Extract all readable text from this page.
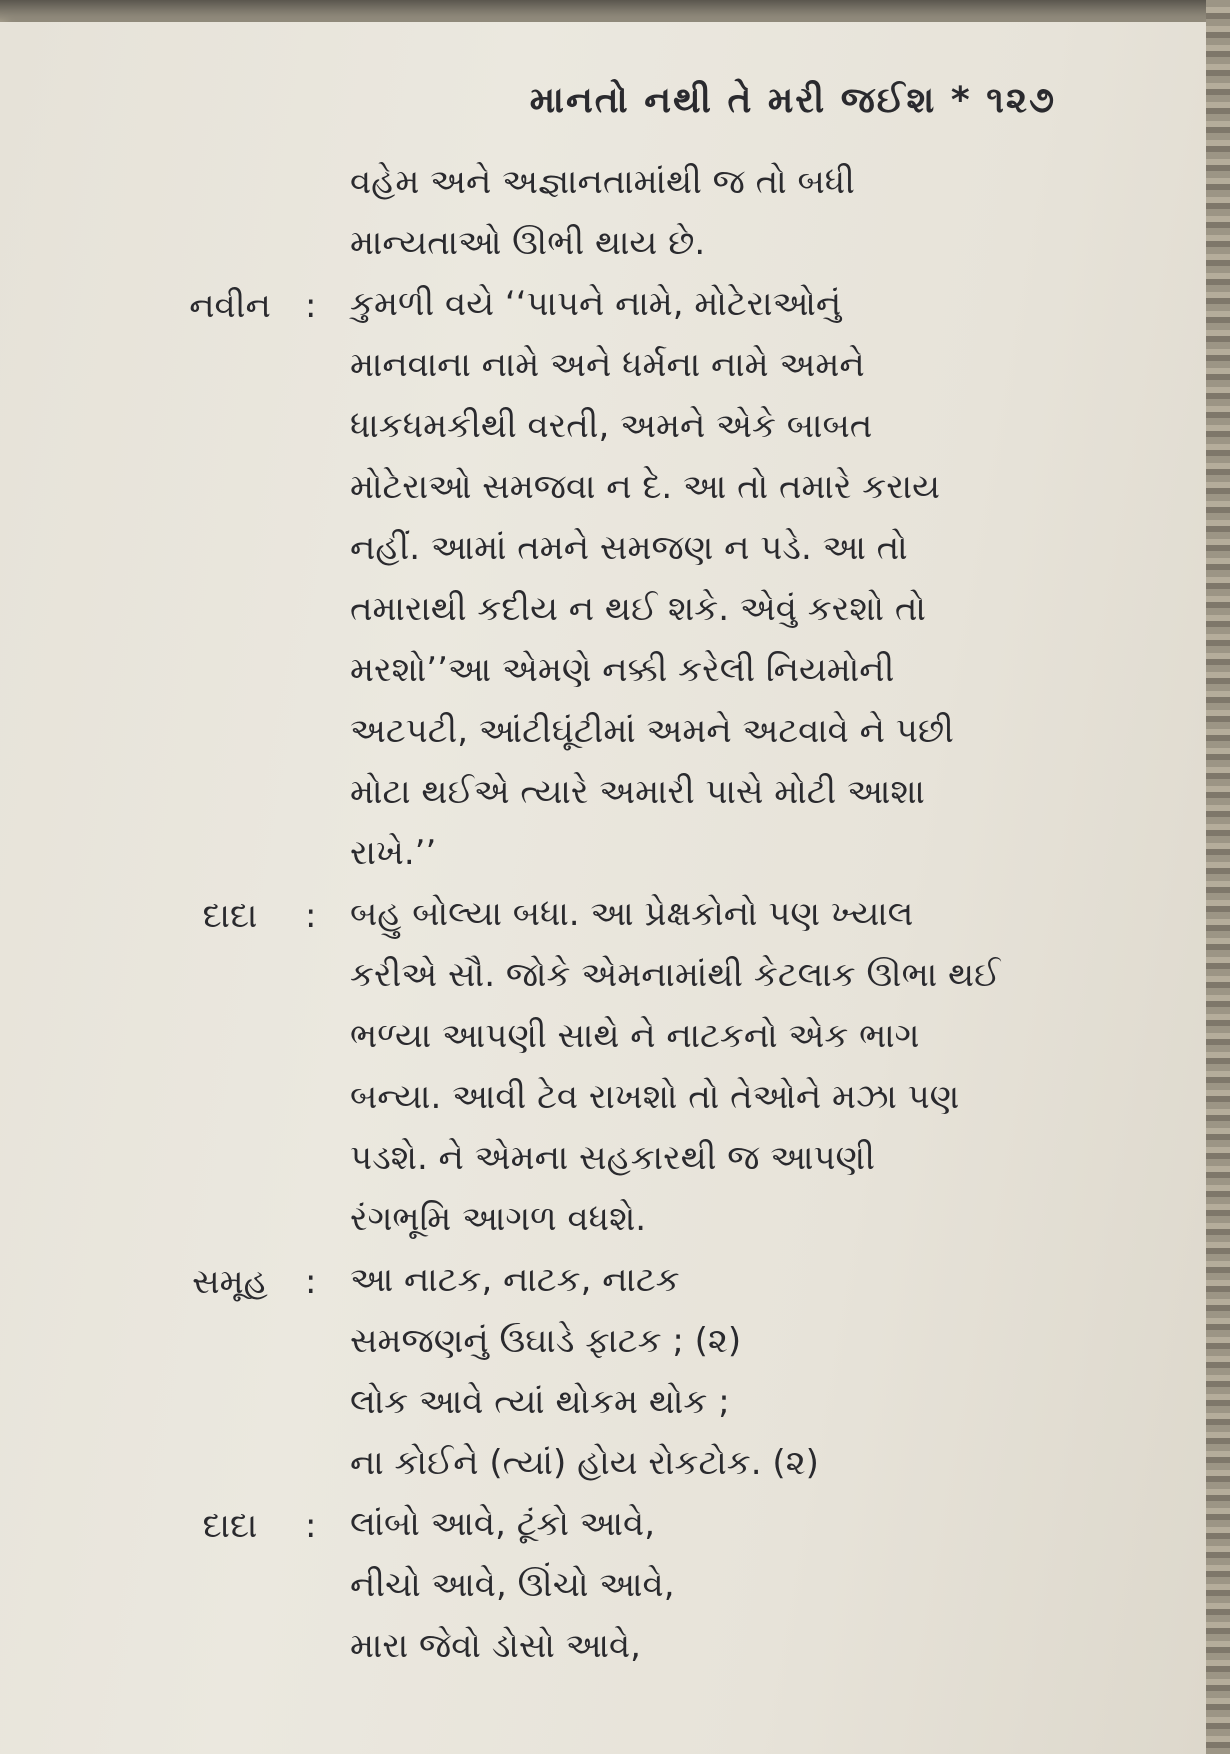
માનતો નથી તે મરી જઈશ * ૧૨૭
વહેમ અને અજ્ઞાનતામાંથી જ તો બધી
માન્યતાઓ ઊભી થાય છે.
નવીન	: કુમળી વયે ‘‘પાપને નામે, મોટેરાઓનું
માનવાના નામે અને ધર્મના નામે અમને
ધાકધમકીથી વરતી, અમને એકે બાબત
મોટેરાઓ સમજવા ન દે. આ તો તમારે કરાય
નહીં. આમાં તમને સમજણ ન પડે. આ તો
તમારાથી કદીય ન થઈ શકે. એવું કરશો તો
મરશો’’આ એમણે નક્કી કરેલી નિયમોની
અટપટી, આંટીઘૂંટીમાં અમને અટવાવે ને પછી
મોટા થઈએ ત્યારે અમારી પાસે મોટી આશા
રાખે.’’
દાદા	: બહુ બોલ્યા બધા. આ પ્રેક્ષકોનો પણ ખ્યાલ
કરીએ સૌ. જોકે એમનામાંથી કેટલાક ઊભા થઈ
ભળ્યા આપણી સાથે ને નાટકનો એક ભાગ
બન્યા. આવી ટેવ રાખશો તો તેઓને મઝા પણ
પડશે. ને એમના સહકારથી જ આપણી
રંગભૂમિ આગળ વધશે.
સમૂહ	: આ નાટક, નાટક, નાટક
સમજણનું ઉઘાડે ફાટક ; (૨)
લોક આવે ત્યાં થોકમ થોક ;
ના કોઈને (ત્યાં) હોય રોકટોક. (૨)
દાદા	: લાંબો આવે, ટૂંકો આવે,
નીચો આવે, ઊંચો આવે,
મારા જેવો ડોસો આવે,
